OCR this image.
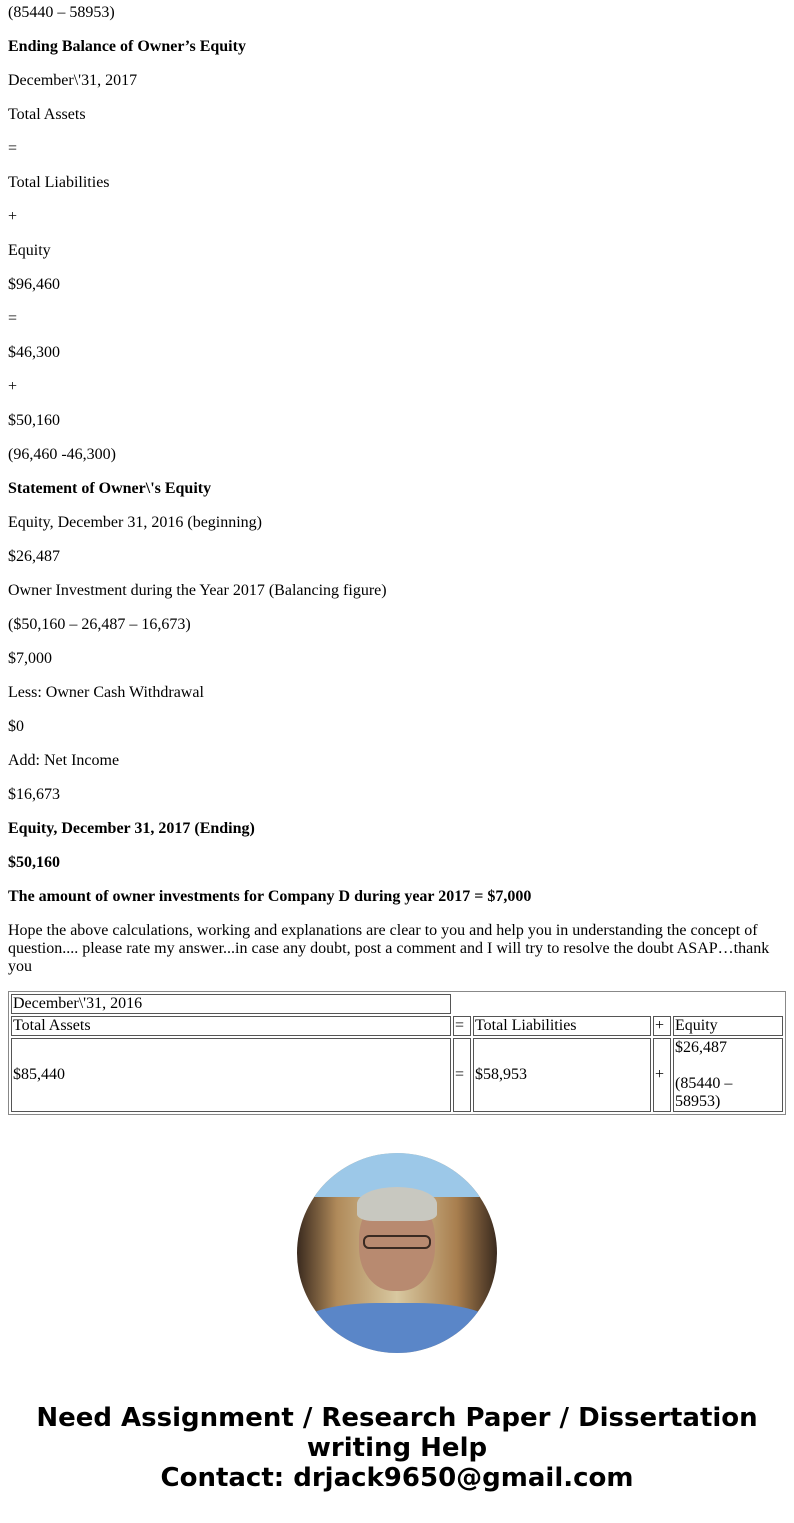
(85440 – 58953)

Ending Balance of Owner’s Equity

December\'31, 2017

Total Assets

=

Total Liabilities

+

Equity

$96,460

=

$46,300

+

$50,160

(96,460 -46,300)

Statement of Owner\'s Equity

Equity, December 31, 2016 (beginning)

$26,487

Owner Investment during the Year 2017 (Balancing figure)

($50,160 – 26,487 – 16,673)

$7,000

Less: Owner Cash Withdrawal

$0

Add: Net Income

$16,673

Equity, December 31, 2017 (Ending)

$50,160

The amount of owner investments for Company D during year 2017 = $7,000

Hope the above calculations, working and explanations are clear to you and help you in understanding the concept of question.... please rate my answer...in case any doubt, post a comment and I will try to resolve the doubt ASAP…thank you

December\'31, 2016				
Total Assets	=	Total Liabilities	+	Equity
$85,440	=	$58,953	+	$26,487
(85440 – 58953)
Need Assignment / Research Paper / Dissertation writing Help
Contact: drjack9650@gmail.com
